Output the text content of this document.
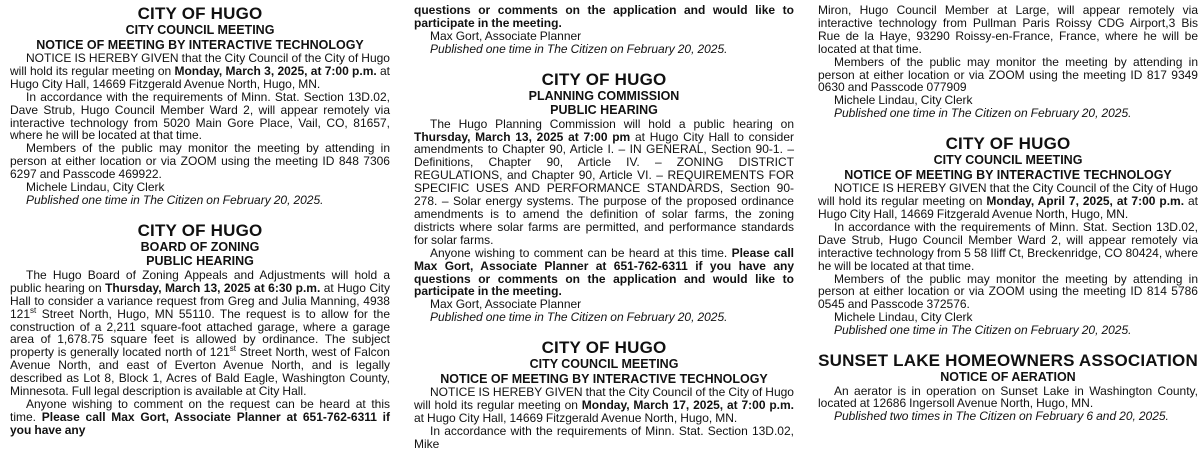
CITY OF HUGO
CITY COUNCIL MEETING
NOTICE OF MEETING BY INTERACTIVE TECHNOLOGY

NOTICE IS HEREBY GIVEN that the City Council of the City of Hugo will hold its regular meeting on Monday, March 3, 2025, at 7:00 p.m. at Hugo City Hall, 14669 Fitzgerald Avenue North, Hugo, MN.

In accordance with the requirements of Minn. Stat. Section 13D.02, Dave Strub, Hugo Council Member Ward 2, will appear remotely via interactive technology from 5020 Main Gore Place, Vail, CO, 81657, where he will be located at that time.

Members of the public may monitor the meeting by attending in person at either location or via ZOOM using the meeting ID 848 7306 6297 and Passcode 469922.

Michele Lindau, City Clerk

Published one time in The Citizen on February 20, 2025.

CITY OF HUGO
BOARD OF ZONING
PUBLIC HEARING

The Hugo Board of Zoning Appeals and Adjustments will hold a public hearing on Thursday, March 13, 2025 at 6:30 p.m. at Hugo City Hall to consider a variance request from Greg and Julia Manning, 4938 121st Street North, Hugo, MN 55110. The request is to allow for the construction of a 2,211 square-foot attached garage, where a garage area of 1,678.75 square feet is allowed by ordinance. The subject property is generally located north of 121st Street North, west of Falcon Avenue North, and east of Everton Avenue North, and is legally described as Lot 8, Block 1, Acres of Bald Eagle, Washington County, Minnesota. Full legal description is available at City Hall.

Anyone wishing to comment on the request can be heard at this time. Please call Max Gort, Associate Planner at 651-762-6311 if you have any

questions or comments on the application and would like to participate in the meeting.

Max Gort, Associate Planner

Published one time in The Citizen on February 20, 2025.

CITY OF HUGO
PLANNING COMMISSION
PUBLIC HEARING

The Hugo Planning Commission will hold a public hearing on Thursday, March 13, 2025 at 7:00 pm at Hugo City Hall to consider amendments to Chapter 90, Article I. – IN GENERAL, Section 90-1. – Definitions, Chapter 90, Article IV. – ZONING DISTRICT REGULATIONS, and Chapter 90, Article VI. – REQUIREMENTS FOR SPECIFIC USES AND PERFORMANCE STANDARDS, Section 90-278. – Solar energy systems. The purpose of the proposed ordinance amendments is to amend the definition of solar farms, the zoning districts where solar farms are permitted, and performance standards for solar farms.

Anyone wishing to comment can be heard at this time. Please call Max Gort, Associate Planner at 651-762-6311 if you have any questions or comments on the application and would like to participate in the meeting.

Max Gort, Associate Planner

Published one time in The Citizen on February 20, 2025.

CITY OF HUGO
CITY COUNCIL MEETING
NOTICE OF MEETING BY INTERACTIVE TECHNOLOGY

NOTICE IS HEREBY GIVEN that the City Council of the City of Hugo will hold its regular meeting on Monday, March 17, 2025, at 7:00 p.m. at Hugo City Hall, 14669 Fitzgerald Avenue North, Hugo, MN.

In accordance with the requirements of Minn. Stat. Section 13D.02, Mike

Miron, Hugo Council Member at Large, will appear remotely via interactive technology from Pullman Paris Roissy CDG Airport,3 Bis Rue de la Haye, 93290 Roissy-en-France, France, where he will be located at that time.

Members of the public may monitor the meeting by attending in person at either location or via ZOOM using the meeting ID 817 9349 0630 and Passcode 077909

Michele Lindau, City Clerk

Published one time in The Citizen on February 20, 2025.

CITY OF HUGO
CITY COUNCIL MEETING
NOTICE OF MEETING BY INTERACTIVE TECHNOLOGY

NOTICE IS HEREBY GIVEN that the City Council of the City of Hugo will hold its regular meeting on Monday, April 7, 2025, at 7:00 p.m. at Hugo City Hall, 14669 Fitzgerald Avenue North, Hugo, MN.

In accordance with the requirements of Minn. Stat. Section 13D.02, Dave Strub, Hugo Council Member Ward 2, will appear remotely via interactive technology from 5 58 Iliff Ct, Breckenridge, CO 80424, where he will be located at that time.

Members of the public may monitor the meeting by attending in person at either location or via ZOOM using the meeting ID 814 5786 0545 and Passcode 372576.

Michele Lindau, City Clerk

Published one time in The Citizen on February 20, 2025.

SUNSET LAKE HOMEOWNERS ASSOCIATION
NOTICE OF AERATION

An aerator is in operation on Sunset Lake in Washington County, located at 12686 Ingersoll Avenue North, Hugo, MN.

Published two times in The Citizen on February 6 and 20, 2025.
